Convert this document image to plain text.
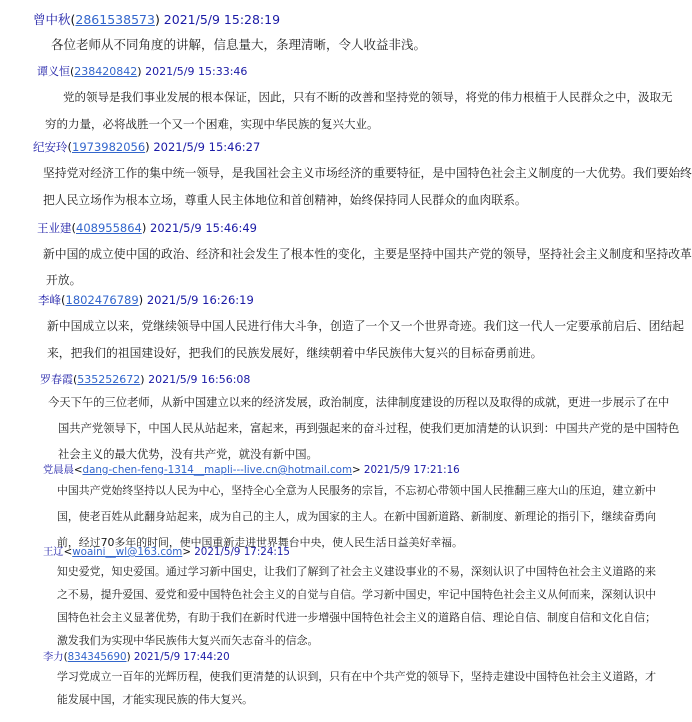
曾中秋(2861538573) 2021/5/9 15:28:19
各位老师从不同角度的讲解，信息量大，条理清晰，令人收益非浅。
谭义恒(238420842) 2021/5/9 15:33:46
党的领导是我们事业发展的根本保证，因此，只有不断的改善和坚持党的领导，将党的伟力根植于人民群众之中，汲取无
穷的力量，必将战胜一个又一个困难，实现中华民族的复兴大业。
纪安玲(1973982056) 2021/5/9 15:46:27
坚持党对经济工作的集中统一领导，是我国社会主义市场经济的重要特征，是中国特色社会主义制度的一大优势。我们要始终
把人民立场作为根本立场，尊重人民主体地位和首创精神，始终保持同人民群众的血肉联系。
王业建(408955864) 2021/5/9 15:46:49
新中国的成立使中国的政治、经济和社会发生了根本性的变化，主要是坚持中国共产党的领导，坚持社会主义制度和坚持改革
开放。
李峰(1802476789) 2021/5/9 16:26:19
新中国成立以来，党继续领导中国人民进行伟大斗争，创造了一个又一个世界奇迹。我们这一代人一定要承前启后、团结起
来，把我们的祖国建设好，把我们的民族发展好，继续朝着中华民族伟大复兴的目标奋勇前进。
罗春霞(535252672) 2021/5/9 16:56:08
今天下午的三位老师，从新中国建立以来的经济发展，政治制度，法律制度建设的历程以及取得的成就，更进一步展示了在中
国共产党领导下，中国人民从站起来，富起来，再到强起来的奋斗过程，使我们更加清楚的认识到：中国共产党的是中国特色
社会主义的最大优势，没有共产党，就没有新中国。
党晨晨<dang-chen-feng-1314__mapli---live.cn@hotmail.com> 2021/5/9 17:21:16
中国共产党始终坚持以人民为中心，坚持全心全意为人民服务的宗旨，不忘初心带领中国人民推翻三座大山的压迫，建立新中
国，使老百姓从此翻身站起来，成为自己的主人，成为国家的主人。在新中国新道路、新制度、新理论的指引下，继续奋勇向
前，经过70多年的时间，使中国重新走进世界舞台中央，使人民生活日益美好幸福。
王辽<woaini__wl@163.com> 2021/5/9 17:24:15
知史爱党，知史爱国。通过学习新中国史，让我们了解到了社会主义建设事业的不易，深刻认识了中国特色社会主义道路的来
之不易，提升爱国、爱党和爱中国特色社会主义的自觉与自信。学习新中国史，牢记中国特色社会主义从何而来，深刻认识中
国特色社会主义显著优势，有助于我们在新时代进一步增强中国特色社会主义的道路自信、理论自信、制度自信和文化自信；
激发我们为实现中华民族伟大复兴而矢志奋斗的信念。
李力(834345690) 2021/5/9 17:44:20
学习党成立一百年的光辉历程，使我们更清楚的认识到，只有在中个共产党的领导下，坚持走建设中国特色社会主义道路，才
能发展中国，才能实现民族的伟大复兴。
